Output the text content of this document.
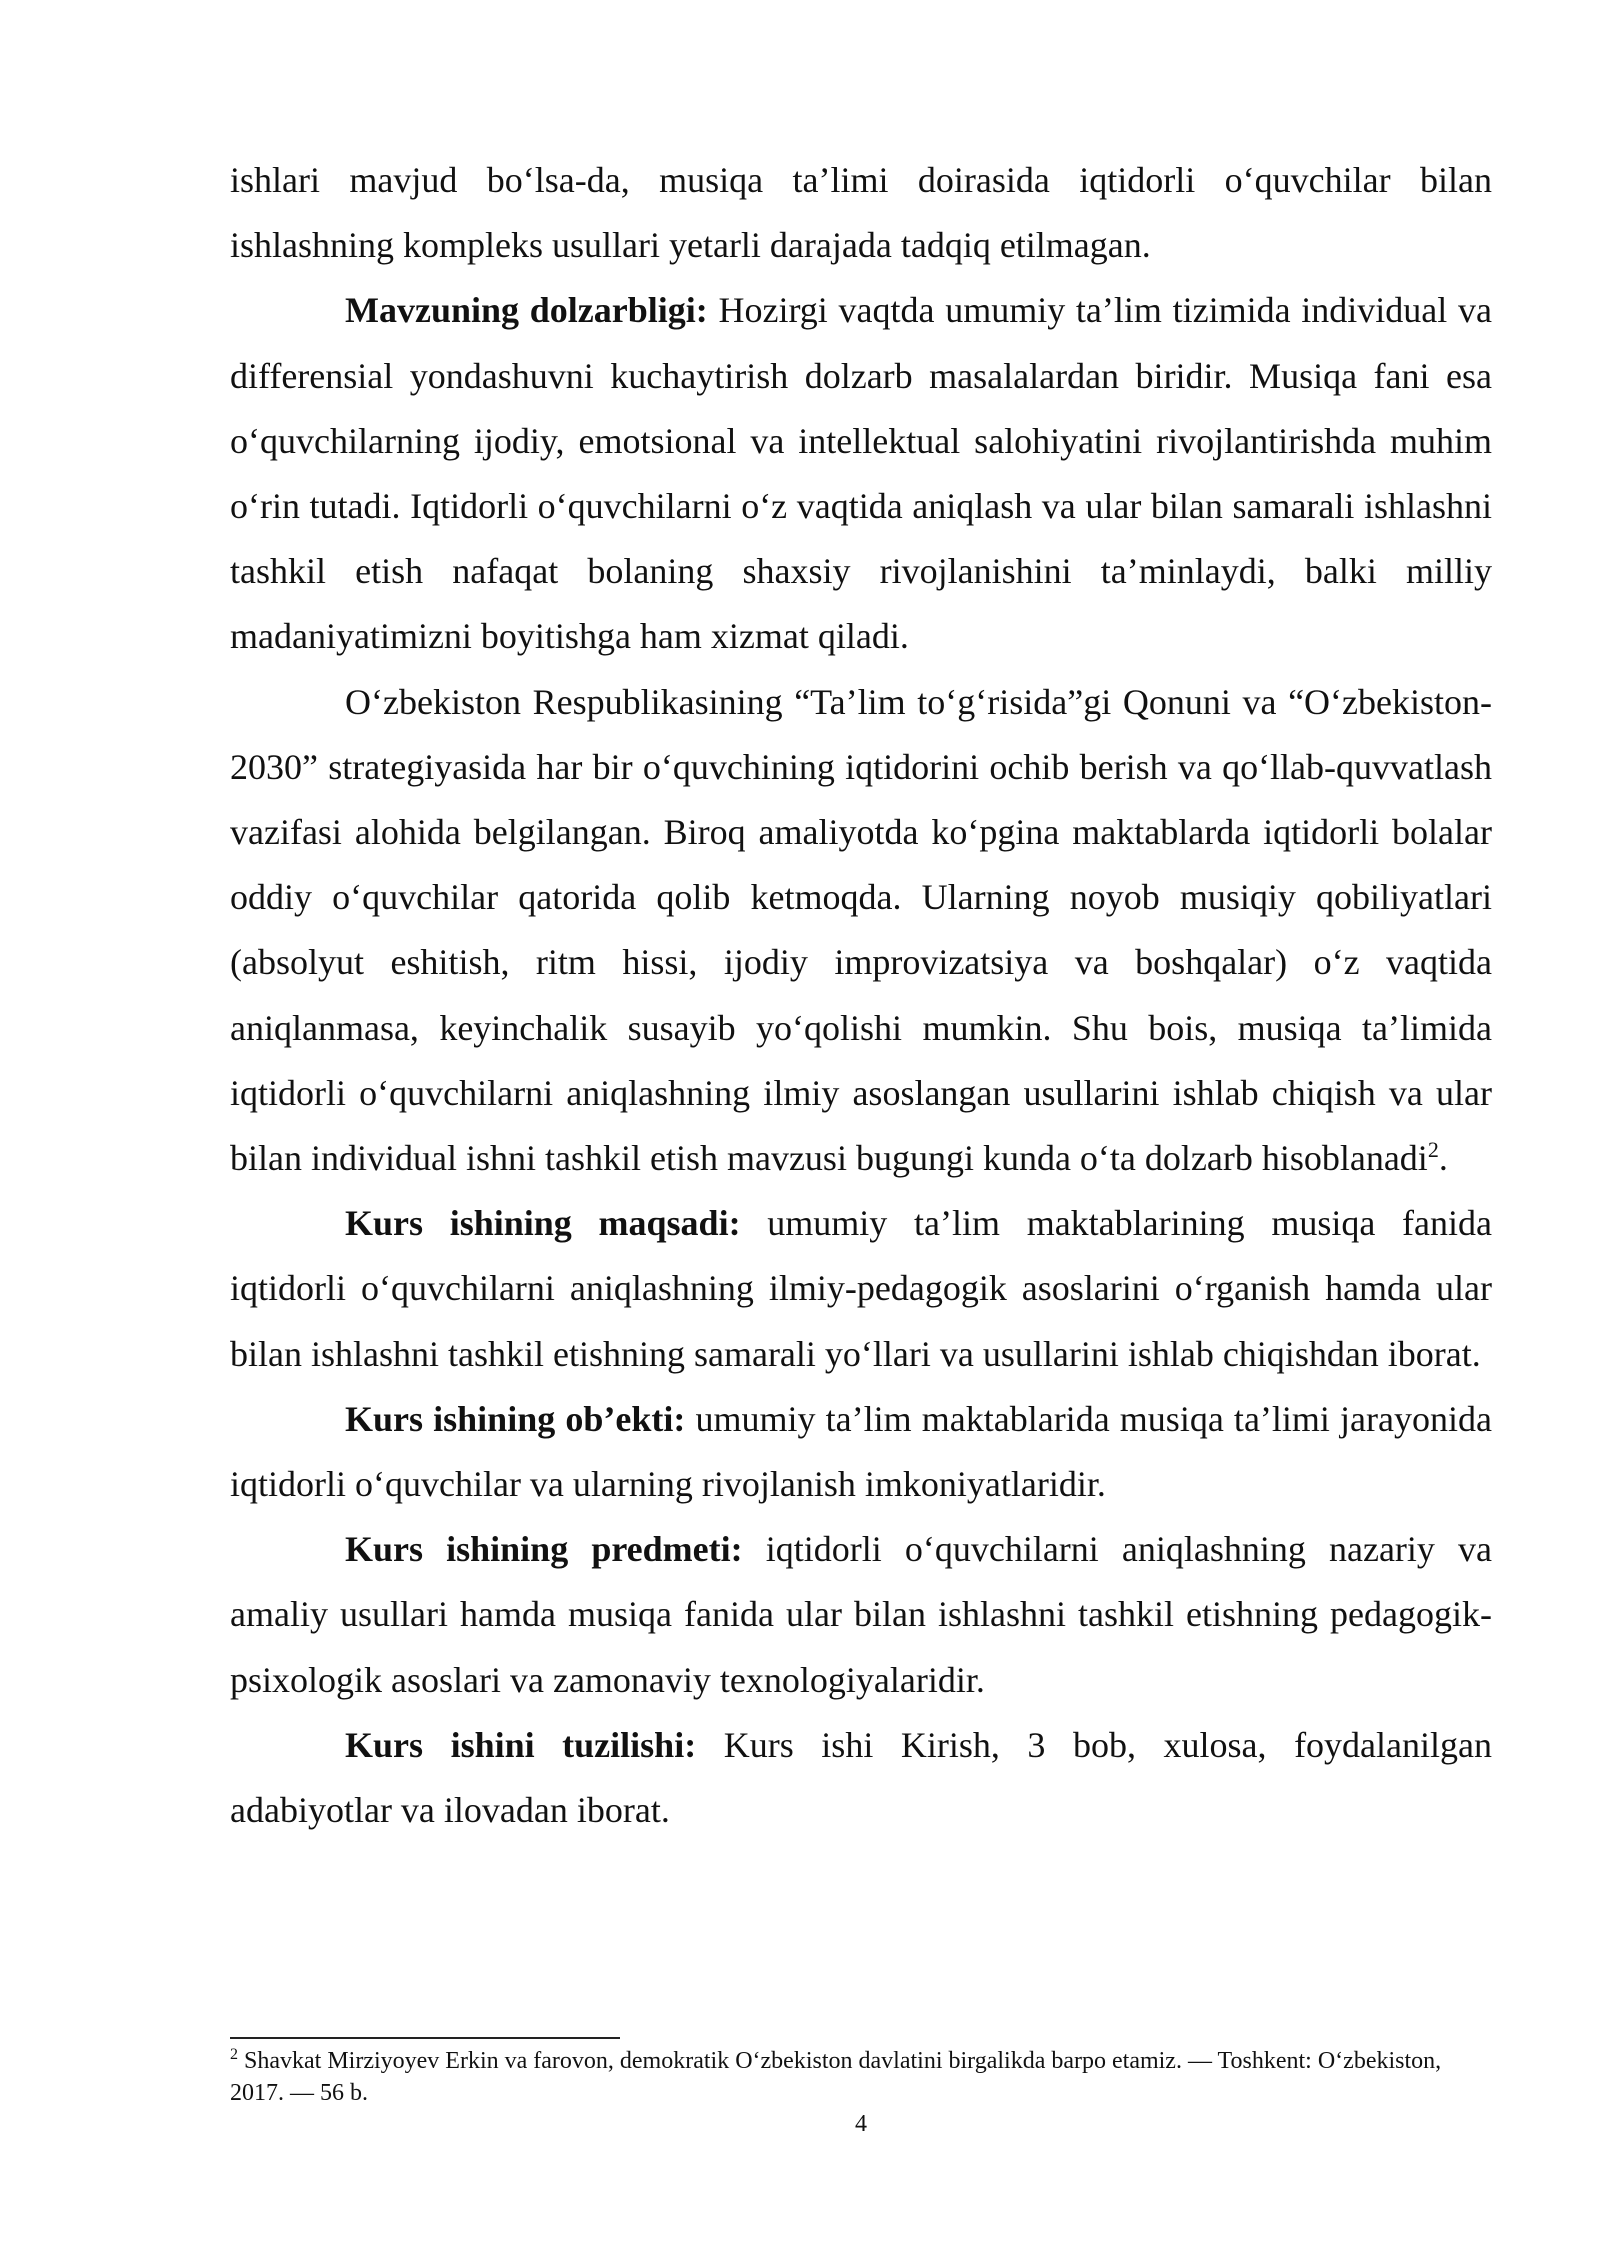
ishlari mavjud bo‘lsa-da, musiqa ta’limi doirasida iqtidorli o‘quvchilar bilan ishlashning kompleks usullari yetarli darajada tadqiq etilmagan.

Mavzuning dolzarbligi: Hozirgi vaqtda umumiy ta’lim tizimida individual va differensial yondashuvni kuchaytirish dolzarb masalalardan biridir. Musiqa fani esa o‘quvchilarning ijodiy, emotsional va intellektual salohiyatini rivojlantirishda muhim o‘rin tutadi. Iqtidorli o‘quvchilarni o‘z vaqtida aniqlash va ular bilan samarali ishlashni tashkil etish nafaqat bolaning shaxsiy rivojlanishini ta’minlaydi, balki milliy madaniyatimizni boyitishga ham xizmat qiladi.

O‘zbekiston Respublikasining “Ta’lim to‘g‘risida”gi Qonuni va “O‘zbekiston-2030” strategiyasida har bir o‘quvchining iqtidorini ochib berish va qo‘llab-quvvatlash vazifasi alohida belgilangan. Biroq amaliyotda ko‘pgina maktablarda iqtidorli bolalar oddiy o‘quvchilar qatorida qolib ketmoqda. Ularning noyob musiqiy qobiliyatlari (absolyut eshitish, ritm hissi, ijodiy improvizatsiya va boshqalar) o‘z vaqtida aniqlanmasa, keyinchalik susayib yo‘qolishi mumkin. Shu bois, musiqa ta’limida iqtidorli o‘quvchilarni aniqlashning ilmiy asoslangan usullarini ishlab chiqish va ular bilan individual ishni tashkil etish mavzusi bugungi kunda o‘ta dolzarb hisoblanadi$^2$.

Kurs ishining maqsadi: umumiy ta’lim maktablarining musiqa fanida iqtidorli o‘quvchilarni aniqlashning ilmiy-pedagogik asoslarini o‘rganish hamda ular bilan ishlashni tashkil etishning samarali yo‘llari va usullarini ishlab chiqishdan iborat.

Kurs ishining ob’ekti: umumiy ta’lim maktablarida musiqa ta’limi jarayonida iqtidorli o‘quvchilar va ularning rivojlanish imkoniyatlaridir.

Kurs ishining predmeti: iqtidorli o‘quvchilarni aniqlashning nazariy va amaliy usullari hamda musiqa fanida ular bilan ishlashni tashkil etishning pedagogik-psixologik asoslari va zamonaviy texnologiyalaridir.

Kurs ishini tuzilishi: Kurs ishi Kirish, 3 bob, xulosa, foydalanilgan adabiyotlar va ilovadan iborat.

$^2$ Shavkat Mirziyoyev Erkin va farovon, demokratik O‘zbekiston davlatini birgalikda barpo etamiz. — Toshkent: O‘zbekiston, 2017. — 56 b.

4
